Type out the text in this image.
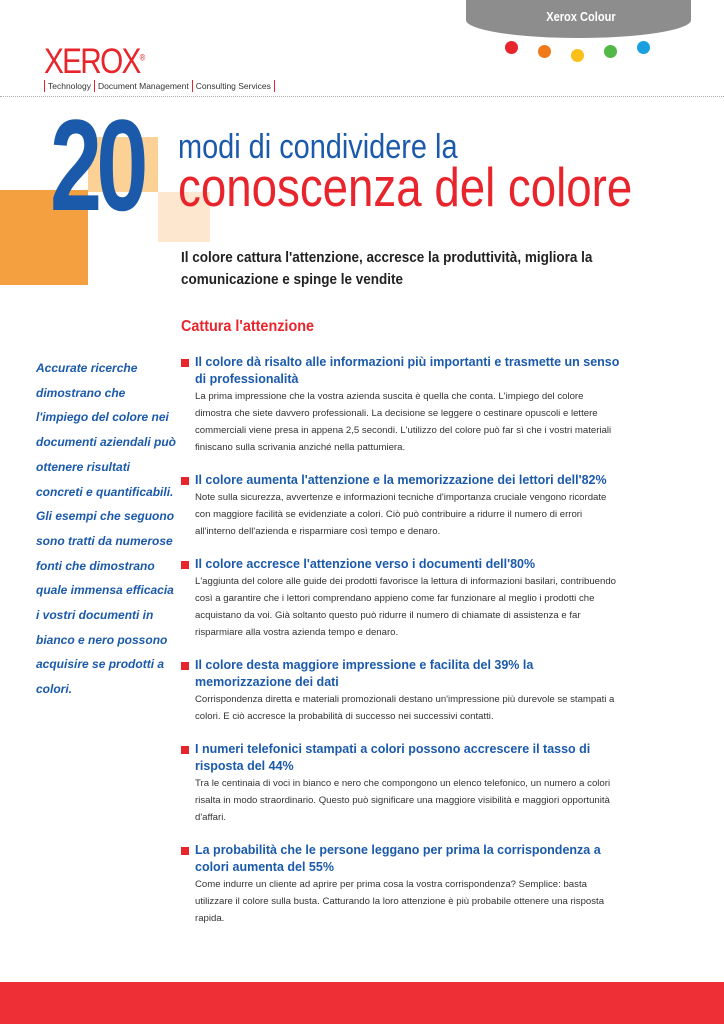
Xerox Colour
XEROX®
Technology Document Management Consulting Services
20 modi di condividere la
conoscenza del colore
Il colore cattura l'attenzione, accresce la produttività, migliora la comunicazione e spinge le vendite
Cattura l'attenzione
Accurate ricerche dimostrano che l'impiego del colore nei documenti aziendali può ottenere risultati concreti e quantificabili. Gli esempi che seguono sono tratti da numerose fonti che dimostrano quale immensa efficacia i vostri documenti in bianco e nero possono acquisire se prodotti a colori.
Il colore dà risalto alle informazioni più importanti e trasmette un senso di professionalità

La prima impressione che la vostra azienda suscita è quella che conta. L'impiego del colore dimostra che siete davvero professionali. La decisione se leggere o cestinare opuscoli e lettere commerciali viene presa in appena 2,5 secondi. L'utilizzo del colore può far sì che i vostri materiali finiscano sulla scrivania anziché nella pattumiera.

Il colore aumenta l'attenzione e la memorizzazione dei lettori dell'82%

Note sulla sicurezza, avvertenze e informazioni tecniche d'importanza cruciale vengono ricordate con maggiore facilità se evidenziate a colori. Ciò può contribuire a ridurre il numero di errori all'interno dell'azienda e risparmiare così tempo e denaro.

Il colore accresce l'attenzione verso i documenti dell'80%

L'aggiunta del colore alle guide dei prodotti favorisce la lettura di informazioni basilari, contribuendo così a garantire che i lettori comprendano appieno come far funzionare al meglio i prodotti che acquistano da voi. Già soltanto questo può ridurre il numero di chiamate di assistenza e far risparmiare alla vostra azienda tempo e denaro.

Il colore desta maggiore impressione e facilita del 39% la memorizzazione dei dati

Corrispondenza diretta e materiali promozionali destano un'impressione più durevole se stampati a colori. E ciò accresce la probabilità di successo nei successivi contatti.

I numeri telefonici stampati a colori possono accrescere il tasso di risposta del 44%

Tra le centinaia di voci in bianco e nero che compongono un elenco telefonico, un numero a colori risalta in modo straordinario. Questo può significare una maggiore visibilità e maggiori opportunità d'affari.

La probabilità che le persone leggano per prima la corrispondenza a colori aumenta del 55%

Come indurre un cliente ad aprire per prima cosa la vostra corrispondenza? Semplice: basta utilizzare il colore sulla busta. Catturando la loro attenzione è più probabile ottenere una risposta rapida.
